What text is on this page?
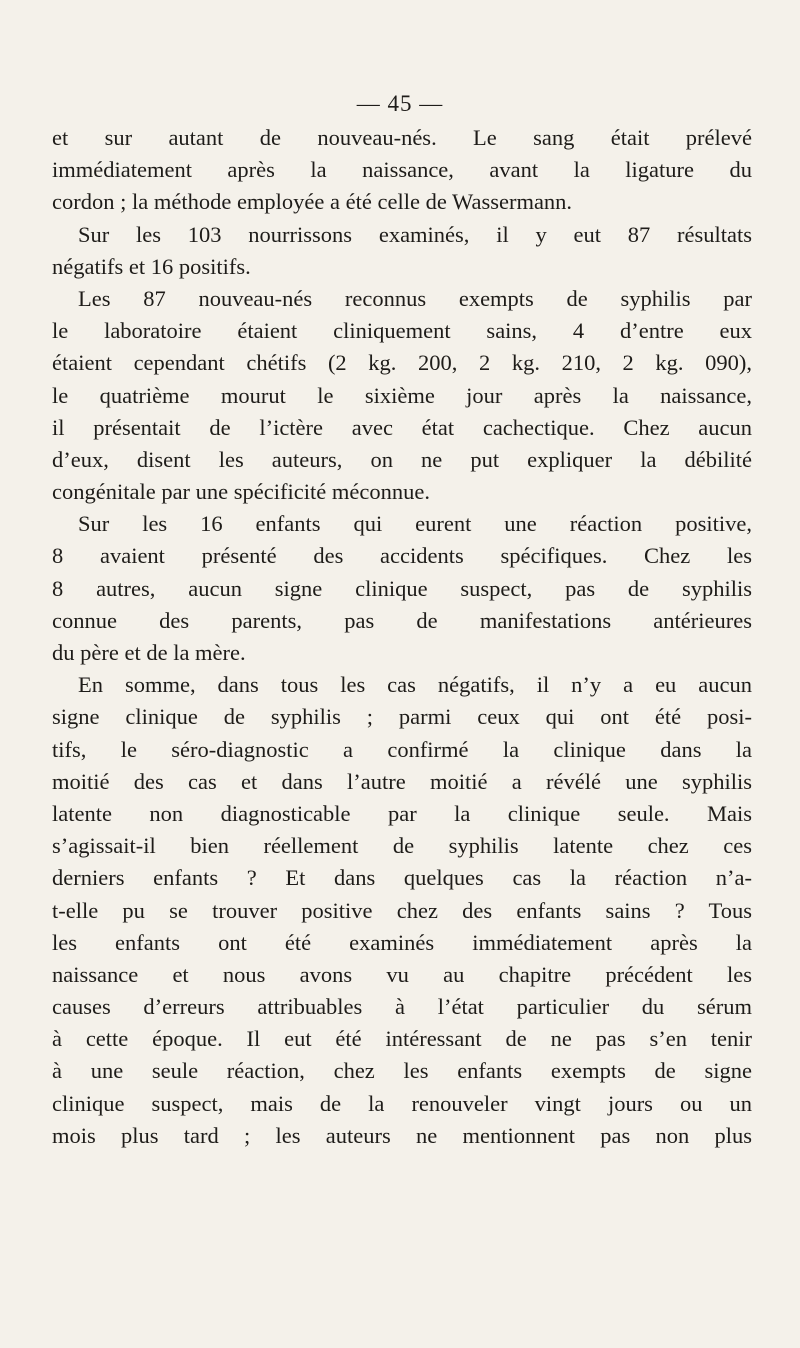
— 45 —
et sur autant de nouveau-nés. Le sang était prélevé
immédiatement après la naissance, avant la ligature du
cordon ; la méthode employée a été celle de Wassermann.
Sur les 103 nourrissons examinés, il y eut 87 résultats
négatifs et 16 positifs.
Les 87 nouveau-nés reconnus exempts de syphilis par
le laboratoire étaient cliniquement sains, 4 d’entre eux
étaient cependant chétifs (2 kg. 200, 2 kg. 210, 2 kg. 090),
le quatrième mourut le sixième jour après la naissance,
il présentait de l’ictère avec état cachectique. Chez aucun
d’eux, disent les auteurs, on ne put expliquer la débilité
congénitale par une spécificité méconnue.
Sur les 16 enfants qui eurent une réaction positive,
8 avaient présenté des accidents spécifiques. Chez les
8 autres, aucun signe clinique suspect, pas de syphilis
connue des parents, pas de manifestations antérieures
du père et de la mère.
En somme, dans tous les cas négatifs, il n’y a eu aucun
signe clinique de syphilis ; parmi ceux qui ont été posi-
tifs, le séro-diagnostic a confirmé la clinique dans la
moitié des cas et dans l’autre moitié a révélé une syphilis
latente non diagnosticable par la clinique seule. Mais
s’agissait-il bien réellement de syphilis latente chez ces
derniers enfants ? Et dans quelques cas la réaction n’a-
t-elle pu se trouver positive chez des enfants sains ? Tous
les enfants ont été examinés immédiatement après la
naissance et nous avons vu au chapitre précédent les
causes d’erreurs attribuables à l’état particulier du sérum
à cette époque. Il eut été intéressant de ne pas s’en tenir
à une seule réaction, chez les enfants exempts de signe
clinique suspect, mais de la renouveler vingt jours ou un
mois plus tard ; les auteurs ne mentionnent pas non plus
